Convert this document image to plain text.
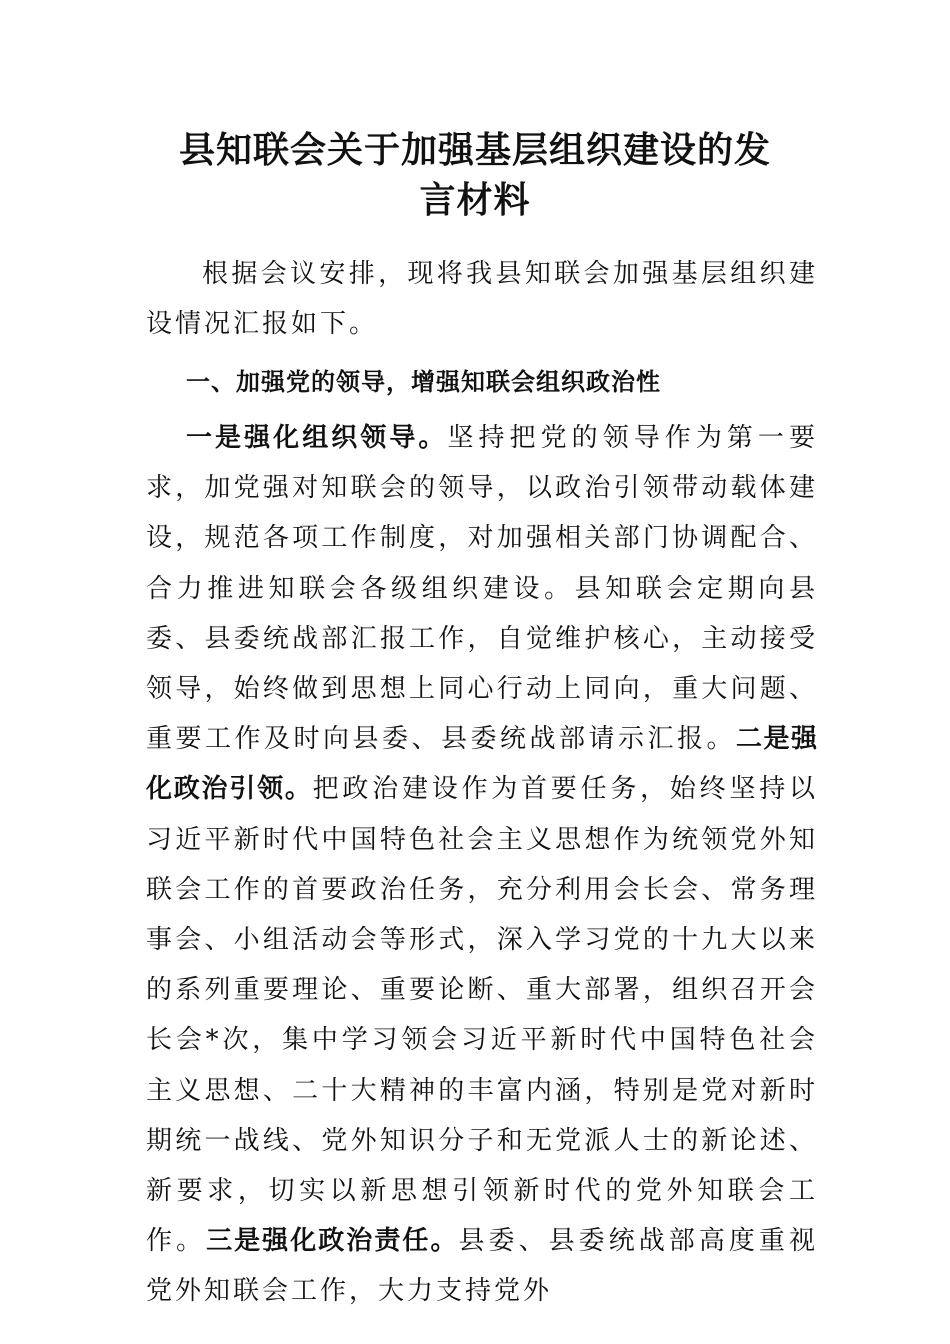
县知联会关于加强基层组织建设的发
言材料

根据会议安排，现将我县知联会加强基层组织建设情况汇报如下。

一、加强党的领导，增强知联会组织政治性

一是强化组织领导。坚持把党的领导作为第一要求，加党强对知联会的领导，以政治引领带动载体建设，规范各项工作制度，对加强相关部门协调配合、合力推进知联会各级组织建设。县知联会定期向县委、县委统战部汇报工作，自觉维护核心，主动接受领导，始终做到思想上同心行动上同向，重大问题、重要工作及时向县委、县委统战部请示汇报。二是强化政治引领。把政治建设作为首要任务，始终坚持以习近平新时代中国特色社会主义思想作为统领党外知联会工作的首要政治任务，充分利用会长会、常务理事会、小组活动会等形式，深入学习党的十九大以来的系列重要理论、重要论断、重大部署，组织召开会长会*次，集中学习领会习近平新时代中国特色社会主义思想、二十大精神的丰富内涵，特别是党对新时期统一战线、党外知识分子和无党派人士的新论述、新要求，切实以新思想引领新时代的党外知联会工作。三是强化政治责任。县委、县委统战部高度重视党外知联会工作，大力支持党外
